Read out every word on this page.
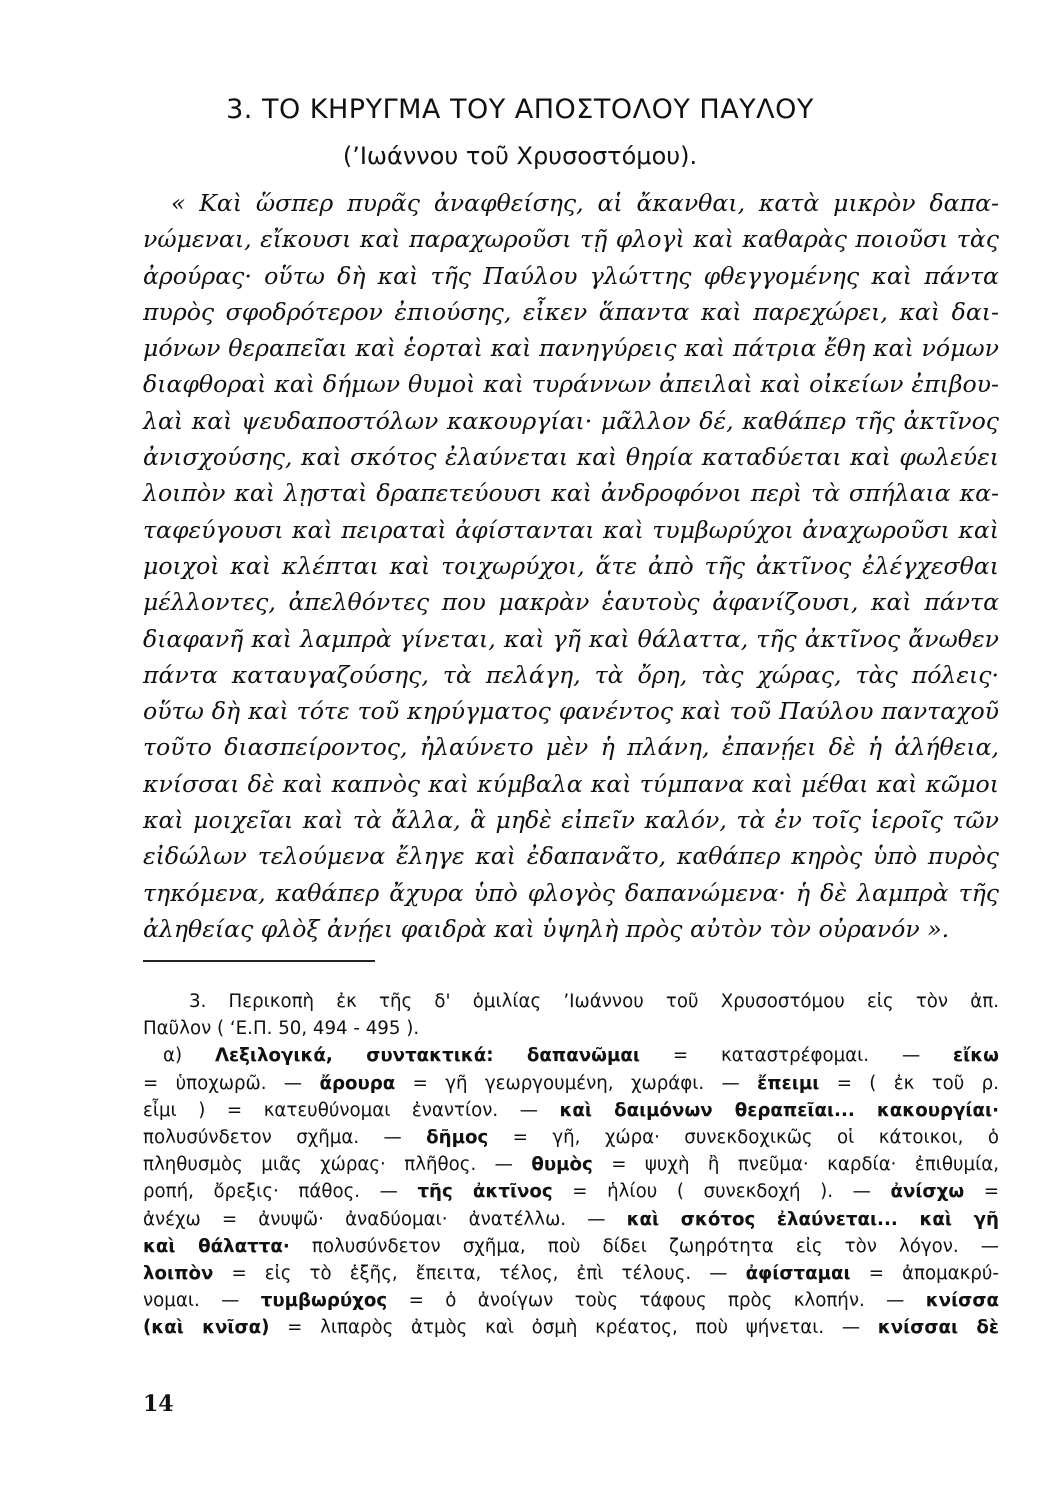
3. ΤΟ ΚΗΡΥΓΜΑ ΤΟΥ ΑΠΟΣΤΟΛΟΥ ΠΑΥΛΟΥ
(’Ιωάννου τοῦ Χρυσοστόμου).
« Καὶ ὥσπερ πυρᾶς ἀναφθείσης, αἱ ἄκανθαι, κατὰ μικρὸν δαπα-
νώμεναι, εἴκουσι καὶ παραχωροῦσι τῇ φλογὶ καὶ καθαρὰς ποιοῦσι τὰς
ἀρούρας· οὕτω δὴ καὶ τῆς Παύλου γλώττης φθεγγομένης καὶ πάντα
πυρὸς σφοδρότερον ἐπιούσης, εἶκεν ἅπαντα καὶ παρεχώρει, καὶ δαι-
μόνων θεραπεῖαι καὶ ἑορταὶ καὶ πανηγύρεις καὶ πάτρια ἔθη καὶ νόμων
διαφθοραὶ καὶ δήμων θυμοὶ καὶ τυράννων ἀπειλαὶ καὶ οἰκείων ἐπιβου-
λαὶ καὶ ψευδαποστόλων κακουργίαι· μᾶλλον δέ, καθάπερ τῆς ἀκτῖνος
ἀνισχούσης, καὶ σκότος ἐλαύνεται καὶ θηρία καταδύεται καὶ φωλεύει
λοιπὸν καὶ λῃσταὶ δραπετεύουσι καὶ ἀνδροφόνοι περὶ τὰ σπήλαια κα-
ταφεύγουσι καὶ πειραταὶ ἀφίστανται καὶ τυμβωρύχοι ἀναχωροῦσι καὶ
μοιχοὶ καὶ κλέπται καὶ τοιχωρύχοι, ἅτε ἀπὸ τῆς ἀκτῖνος ἐλέγχεσθαι
μέλλοντες, ἀπελθόντες που μακρὰν ἑαυτοὺς ἀφανίζουσι, καὶ πάντα
διαφανῆ καὶ λαμπρὰ γίνεται, καὶ γῆ καὶ θάλαττα, τῆς ἀκτῖνος ἄνωθεν
πάντα καταυγαζούσης, τὰ πελάγη, τὰ ὄρη, τὰς χώρας, τὰς πόλεις·
οὕτω δὴ καὶ τότε τοῦ κηρύγματος φανέντος καὶ τοῦ Παύλου πανταχοῦ
τοῦτο διασπείροντος, ἠλαύνετο μὲν ἡ πλάνη, ἐπανῄει δὲ ἡ ἀλήθεια,
κνίσσαι δὲ καὶ καπνὸς καὶ κύμβαλα καὶ τύμπανα καὶ μέθαι καὶ κῶμοι
καὶ μοιχεῖαι καὶ τὰ ἄλλα, ἃ μηδὲ εἰπεῖν καλόν, τὰ ἐν τοῖς ἱεροῖς τῶν
εἰδώλων τελούμενα ἔληγε καὶ ἐδαπανᾶτο, καθάπερ κηρὸς ὑπὸ πυρὸς
τηκόμενα, καθάπερ ἄχυρα ὑπὸ φλογὸς δαπανώμενα· ἡ δὲ λαμπρὰ τῆς
ἀληθείας φλὸξ ἀνῄει φαιδρὰ καὶ ὑψηλὴ πρὸς αὐτὸν τὸν οὐρανόν ».
3. Περικοπὴ ἐκ τῆς δ' ὁμιλίας ’Ιωάννου τοῦ Χρυσοστόμου εἰς τὸν ἀπ.
Παῦλον ( ‘Ε.Π. 50, 494 - 495 ).
α) Λεξιλογικά, συντακτικά: δαπανῶμαι = καταστρέφομαι. — εἴκω
= ὑποχωρῶ. — ἄρουρα = γῆ γεωργουμένη, χωράφι. — ἔπειμι = ( ἐκ τοῦ ρ.
εἶμι ) = κατευθύνομαι ἐναντίον. — καὶ δαιμόνων θεραπεῖαι... κακουργίαι·
πολυσύνδετον σχῆμα. — δῆμος = γῆ, χώρα· συνεκδοχικῶς οἱ κάτοικοι, ὁ
πληθυσμὸς μιᾶς χώρας· πλῆθος. — θυμὸς = ψυχὴ ἢ πνεῦμα· καρδία· ἐπιθυμία,
ροπή, ὄρεξις· πάθος. — τῆς ἀκτῖνος = ἡλίου ( συνεκδοχή ). — ἀνίσχω =
ἀνέχω = ἀνυψῶ· ἀναδύομαι· ἀνατέλλω. — καὶ σκότος ἐλαύνεται... καὶ γῆ
καὶ θάλαττα· πολυσύνδετον σχῆμα, ποὺ δίδει ζωηρότητα εἰς τὸν λόγον. —
λοιπὸν = εἰς τὸ ἑξῆς, ἔπειτα, τέλος, ἐπὶ τέλους. — ἀφίσταμαι = ἀπομακρύ-
νομαι. — τυμβωρύχος = ὁ ἀνοίγων τοὺς τάφους πρὸς κλοπήν. — κνίσσα
(καὶ κνῖσα) = λιπαρὸς ἀτμὸς καὶ ὀσμὴ κρέατος, ποὺ ψήνεται. — κνίσσαι δὲ
14
